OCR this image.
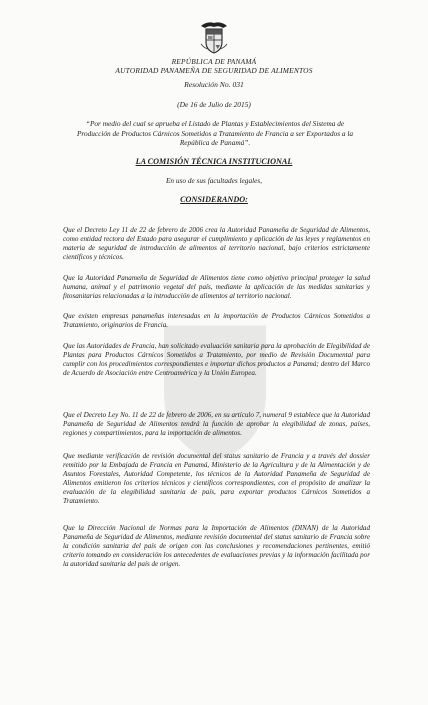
REPÚBLICA DE PANAMÁ
AUTORIDAD PANAMEÑA DE SEGURIDAD DE ALIMENTOS
Resolución No. 031
(De 16 de Julio de 2015)
“Por medio del cual se aprueba el Listado de Plantas y Establecimientos del Sistema de Producción de Productos Cárnicos Sometidos a Tratamiento de Francia a ser Exportados a la República de Panamá”.
LA COMISIÓN TÉCNICA INSTITUCIONAL
En uso de sus facultades legales,
CONSIDERANDO:
Que el Decreto Ley 11 de 22 de febrero de 2006 crea la Autoridad Panameña de Seguridad de Alimentos, como entidad rectora del Estado para asegurar el cumplimiento y aplicación de las leyes y reglamentos en materia de seguridad de introducción de alimentos al territorio nacional, bajo criterios estrictamente científicos y técnicos.
Que la Autoridad Panameña de Seguridad de Alimentos tiene como objetivo principal proteger la salud humana, animal y el patrimonio vegetal del país, mediante la aplicación de las medidas sanitarias y fitosanitarias relacionadas a la introducción de alimentos al territorio nacional.
Que existen empresas panameñas interesadas en la importación de Productos Cárnicos Sometidos a Tratamiento, originarios de Francia.
Que las Autoridades de Francia, han solicitado evaluación sanitaria para la aprobación de Elegibilidad de Plantas para Productos Cárnicos Sometidos a Tratamiento, por medio de Revisión Documental para cumplir con los procedimientos correspondientes e importar dichos productos a Panamá; dentro del Marco de Acuerdo de Asociación entre Centroamérica y la Unión Europea.
Que el Decreto Ley No. 11 de 22 de febrero de 2006, en su artículo 7, numeral 9 establece que la Autoridad Panameña de Seguridad de Alimentos tendrá la función de aprobar la elegibilidad de zonas, países, regiones y compartimientos, para la importación de alimentos.
Que mediante verificación de revisión documental del status sanitario de Francia y a través del dossier remitido por la Embajada de Francia en Panamá, Ministerio de la Agricultura y de la Alimentación y de Asuntos Forestales, Autoridad Competente, los técnicos de la Autoridad Panameña de Seguridad de Alimentos emitieron los criterios técnicos y científicos correspondientes, con el propósito de analizar la evaluación de la elegibilidad sanitaria de país, para exportar productos Cárnicos Sometidos a Tratamiento.
Que la Dirección Nacional de Normas para la Importación de Alimentos (DINAN) de la Autoridad Panameña de Seguridad de Alimentos, mediante revisión documental del status sanitario de Francia sobre la condición sanitaria del país de origen con las conclusiones y recomendaciones pertinentes, emitió criterio tomando en consideración los antecedentes de evaluaciones previas y la información facilitada por la autoridad sanitaria del país de origen.
